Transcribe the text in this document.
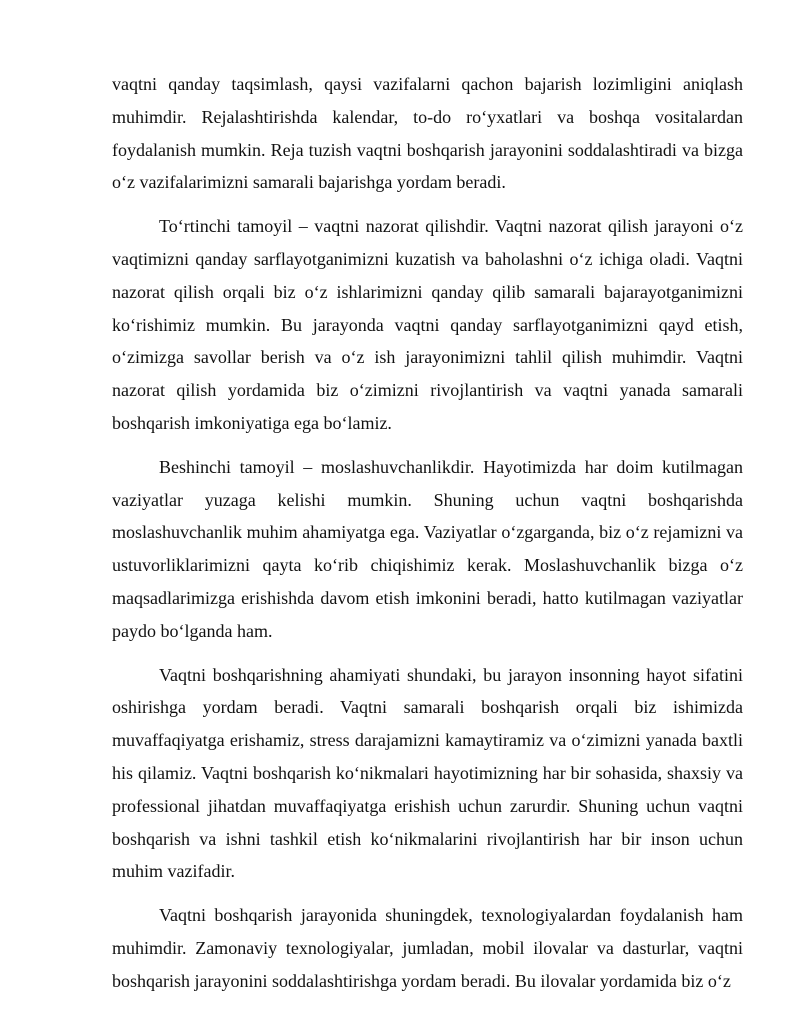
vaqtni qanday taqsimlash, qaysi vazifalarni qachon bajarish lozimligini aniqlash muhimdir. Rejalashtirishda kalendar, to-do ro‘yxatlari va boshqa vositalardan foydalanish mumkin. Reja tuzish vaqtni boshqarish jarayonini soddalashtiradi va bizga o‘z vazifalarimizni samarali bajarishga yordam beradi.

To‘rtinchi tamoyil – vaqtni nazorat qilishdir. Vaqtni nazorat qilish jarayoni o‘z vaqtimizni qanday sarflayotganimizni kuzatish va baholashni o‘z ichiga oladi. Vaqtni nazorat qilish orqali biz o‘z ishlarimizni qanday qilib samarali bajarayotganimizni ko‘rishimiz mumkin. Bu jarayonda vaqtni qanday sarflayotganimizni qayd etish, o‘zimizga savollar berish va o‘z ish jarayonimizni tahlil qilish muhimdir. Vaqtni nazorat qilish yordamida biz o‘zimizni rivojlantirish va vaqtni yanada samarali boshqarish imkoniyatiga ega bo‘lamiz.

Beshinchi tamoyil – moslashuvchanlikdir. Hayotimizda har doim kutilmagan vaziyatlar yuzaga kelishi mumkin. Shuning uchun vaqtni boshqarishda moslashuvchanlik muhim ahamiyatga ega. Vaziyatlar o‘zgarganda, biz o‘z rejamizni va ustuvorliklarimizni qayta ko‘rib chiqishimiz kerak. Moslashuvchanlik bizga o‘z maqsadlarimizga erishishda davom etish imkonini beradi, hatto kutilmagan vaziyatlar paydo bo‘lganda ham.

Vaqtni boshqarishning ahamiyati shundaki, bu jarayon insonning hayot sifatini oshirishga yordam beradi. Vaqtni samarali boshqarish orqali biz ishimizda muvaffaqiyatga erishamiz, stress darajamizni kamaytiramiz va o‘zimizni yanada baxtli his qilamiz. Vaqtni boshqarish ko‘nikmalari hayotimizning har bir sohasida, shaxsiy va professional jihatdan muvaffaqiyatga erishish uchun zarurdir. Shuning uchun vaqtni boshqarish va ishni tashkil etish ko‘nikmalarini rivojlantirish har bir inson uchun muhim vazifadir.

Vaqtni boshqarish jarayonida shuningdek, texnologiyalardan foydalanish ham muhimdir. Zamonaviy texnologiyalar, jumladan, mobil ilovalar va dasturlar, vaqtni boshqarish jarayonini soddalashtirishga yordam beradi. Bu ilovalar yordamida biz o‘z
